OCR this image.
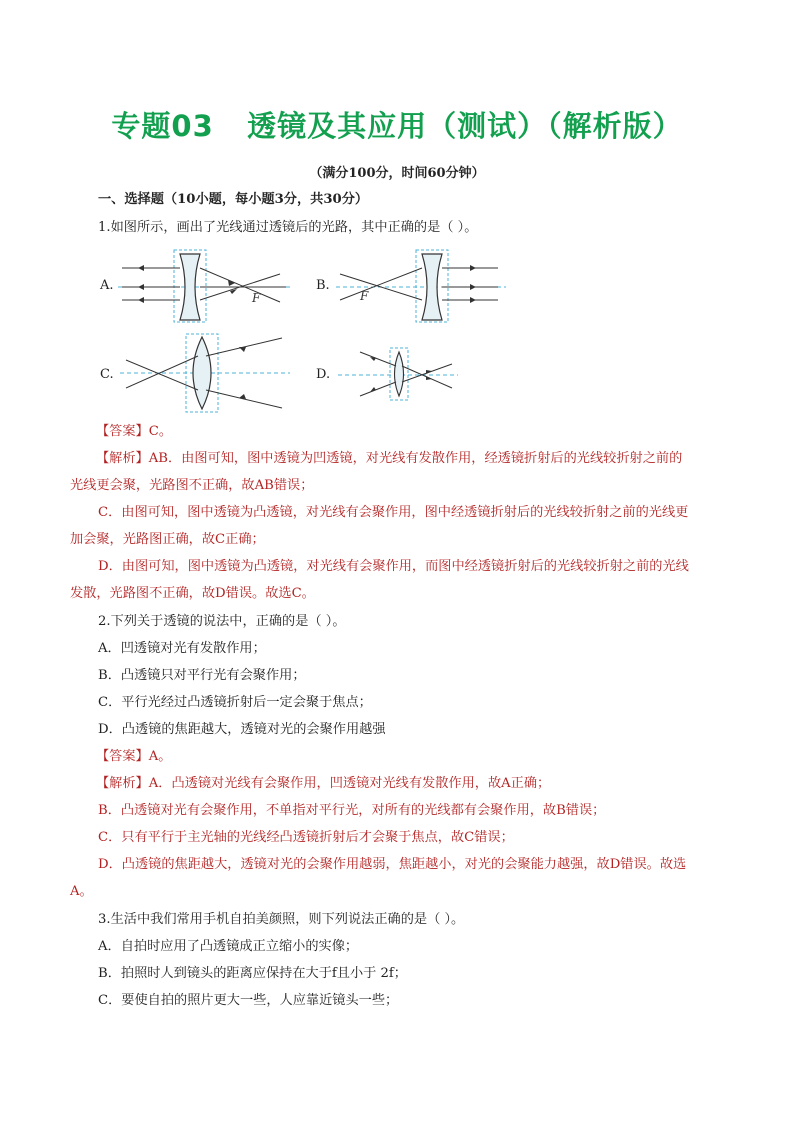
专题03   透镜及其应用（测试）（解析版）
（满分100分，时间60分钟）
一、选择题（10小题，每小题3分，共30分）
1.如图所示，画出了光线通过透镜后的光路，其中正确的是（ ）。
A.
F
B.
F
C.	D.
【答案】C。
【解析】AB．由图可知，图中透镜为凹透镜，对光线有发散作用，经透镜折射后的光线较折射之前的
光线更会聚，光路图不正确，故AB错误；
C．由图可知，图中透镜为凸透镜，对光线有会聚作用，图中经透镜折射后的光线较折射之前的光线更
加会聚，光路图正确，故C正确；
D．由图可知，图中透镜为凸透镜，对光线有会聚作用，而图中经透镜折射后的光线较折射之前的光线
发散，光路图不正确，故D错误。故选C。
2.下列关于透镜的说法中，正确的是（ ）。
A．凹透镜对光有发散作用；
B．凸透镜只对平行光有会聚作用；
C．平行光经过凸透镜折射后一定会聚于焦点；
D．凸透镜的焦距越大，透镜对光的会聚作用越强
【答案】A。
【解析】A．凸透镜对光线有会聚作用，凹透镜对光线有发散作用，故A正确；
B．凸透镜对光有会聚作用，不单指对平行光，对所有的光线都有会聚作用，故B错误；
C．只有平行于主光轴的光线经凸透镜折射后才会聚于焦点，故C错误；
D．凸透镜的焦距越大，透镜对光的会聚作用越弱，焦距越小，对光的会聚能力越强，故D错误。故选
A。
3.生活中我们常用手机自拍美颜照，则下列说法正确的是（ ）。
A．自拍时应用了凸透镜成正立缩小的实像；
B．拍照时人到镜头的距离应保持在大于f且小于 2f；
C．要使自拍的照片更大一些，人应靠近镜头一些；
